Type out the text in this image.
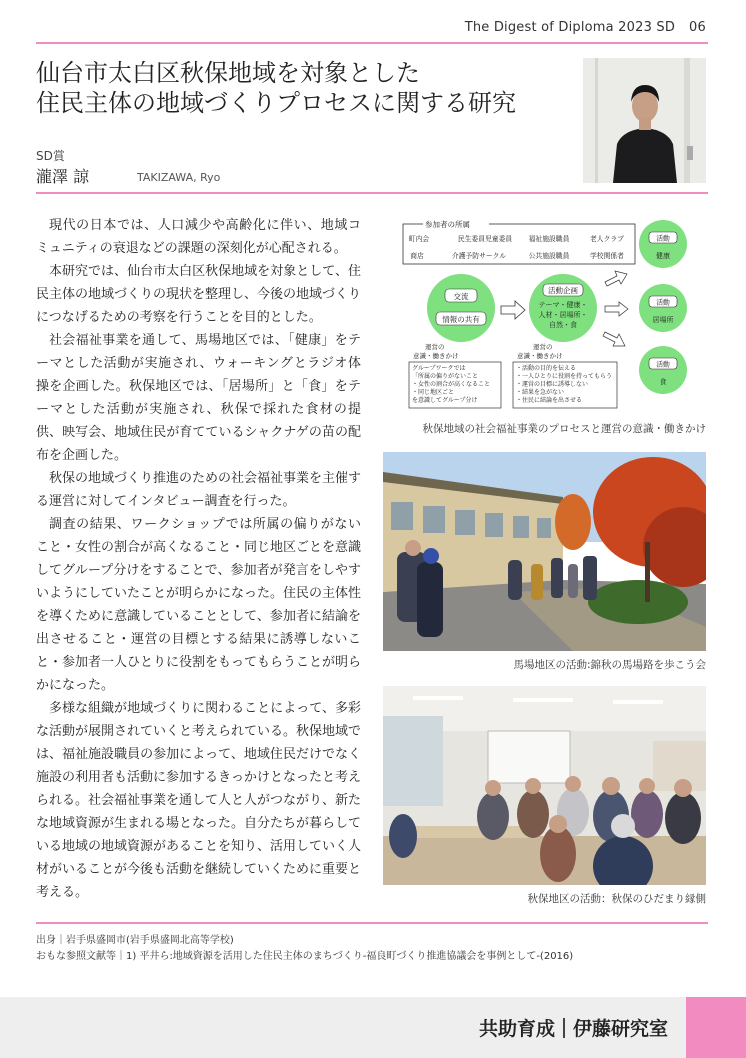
The Digest of Diploma 2023 SD 06
仙台市太白区秋保地域を対象とした
住民主体の地域づくりプロセスに関する研究
SD賞
瀧澤 諒	TAKIZAWA, Ryo

現代の日本では、人口減少や高齢化に伴い、地域コミュニティの衰退などの課題の深刻化が心配される。

本研究では、仙台市太白区秋保地域を対象として、住民主体の地域づくりの現状を整理し、今後の地域づくりにつなげるための考察を行うことを目的とした。

社会福祉事業を通して、馬場地区では、「健康」をテーマとした活動が実施され、ウォーキングとラジオ体操を企画した。秋保地区では、「居場所」と「食」をテーマとした活動が実施され、秋保で採れた食材の提供、映写会、地域住民が育てているシャクナゲの苗の配布を企画した。

秋保の地域づくり推進のための社会福祉事業を主催する運営に対してインタビュー調査を行った。

調査の結果、ワークショップでは所属の偏りがないこと・女性の割合が高くなること・同じ地区ごとを意識してグループ分けをすることで、参加者が発言をしやすいようにしていたことが明らかになった。住民の主体性を導くために意識していることとして、参加者に結論を出させること・運営の目標とする結果に誘導しないこと・参加者一人ひとりに役割をもってもらうことが明らかになった。

多様な組織が地域づくりに関わることによって、多彩な活動が展開されていくと考えられている。秋保地域では、福祉施設職員の参加によって、地域住民だけでなく施設の利用者も活動に参加するきっかけとなったと考えられる。社会福祉事業を通して人と人がつながり、新たな地域資源が生まれる場となった。自分たちが暮らしている地域の地域資源があることを知り、活用していく人材がいることが今後も活動を継続していくために重要と考える。

参加者の所属
町内会	民生委員児童委員 福祉施設職員	老人クラブ
商店	介護予防サークル	公共施設職員	学校関係者
交流
情報の共有
活動企画
テーマ・健康・
人材・居場所・
自然・食
活動
健康
活動
居場所
活動
食
運営の
意識・働きかけ
グループワークでは
「所属の偏りがないこと
・女性の割合が高くなること
・同じ地区ごと
を意識してグループ分け
運営の
意識・働きかけ
・活動の目的を伝える
・一人ひとりに役割を持ってもらう
・運営の目標に誘導しない
・結果を急がない
・住民に結論を出させる
秋保地域の社会福祉事業のプロセスと運営の意識・働きかけ
馬場地区の活動:錦秋の馬場路を歩こう会
秋保地区の活動：秋保のひだまり縁側
出身｜岩手県盛岡市(岩手県盛岡北高等学校)
おもな参照文献等｜1) 平井ら:地域資源を活用した住民主体のまちづくり-福良町づくり推進協議会を事例として-(2016)
共助育成 伊藤研究室
